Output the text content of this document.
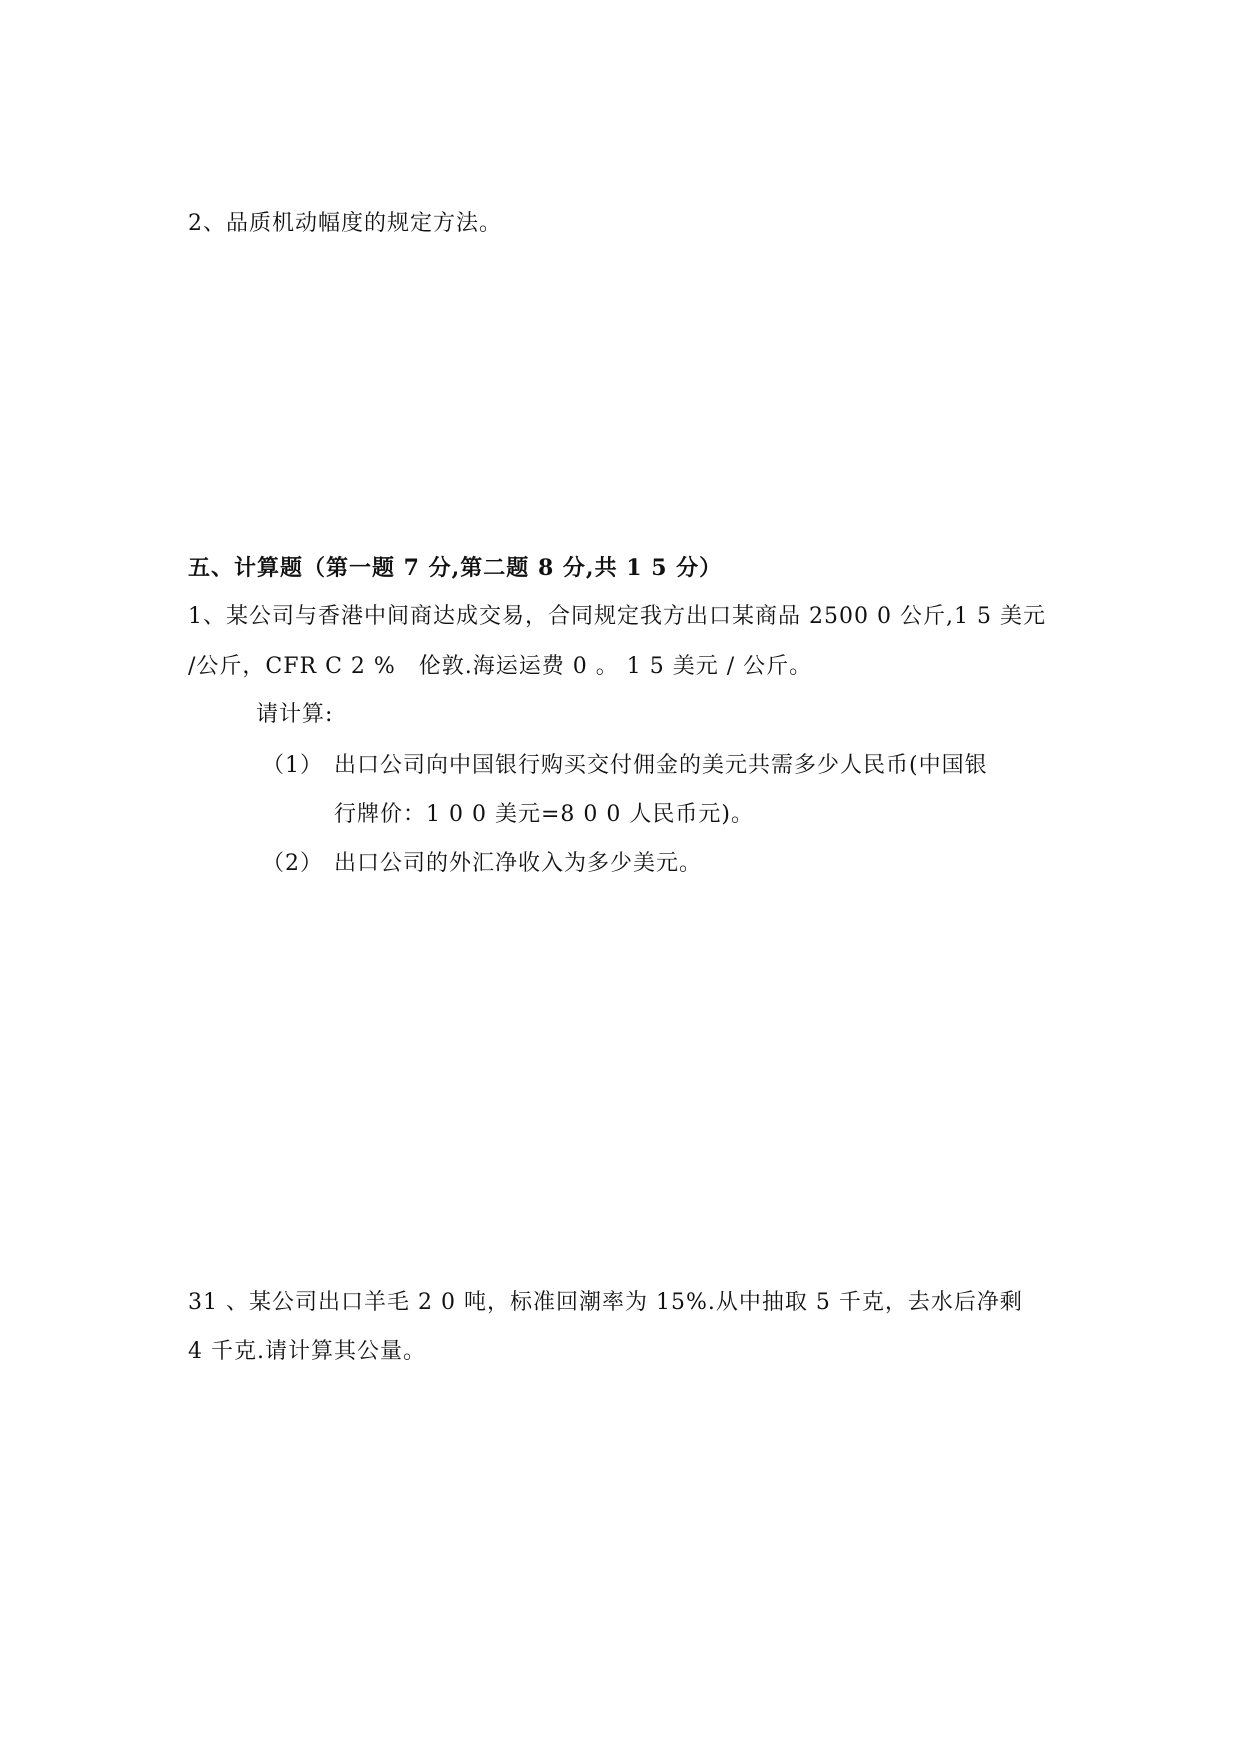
2、品质机动幅度的规定方法。
五、计算题（第一题 7 分,第二题 8 分,共 1 5 分）
1、某公司与香港中间商达成交易，合同规定我方出口某商品 2500 0 公斤,1 5 美元
/公斤，CFR C 2 %　伦敦.海运运费 0 。 1 5 美元 / 公斤。
请计算:
（1） 出口公司向中国银行购买交付佣金的美元共需多少人民币(中国银
行牌价：1 0 0 美元=8 0 0 人民币元)。
（2） 出口公司的外汇净收入为多少美元。
31 、某公司出口羊毛 2 0 吨，标准回潮率为 15%.从中抽取 5 千克，去水后净剩
4 千克.请计算其公量。
